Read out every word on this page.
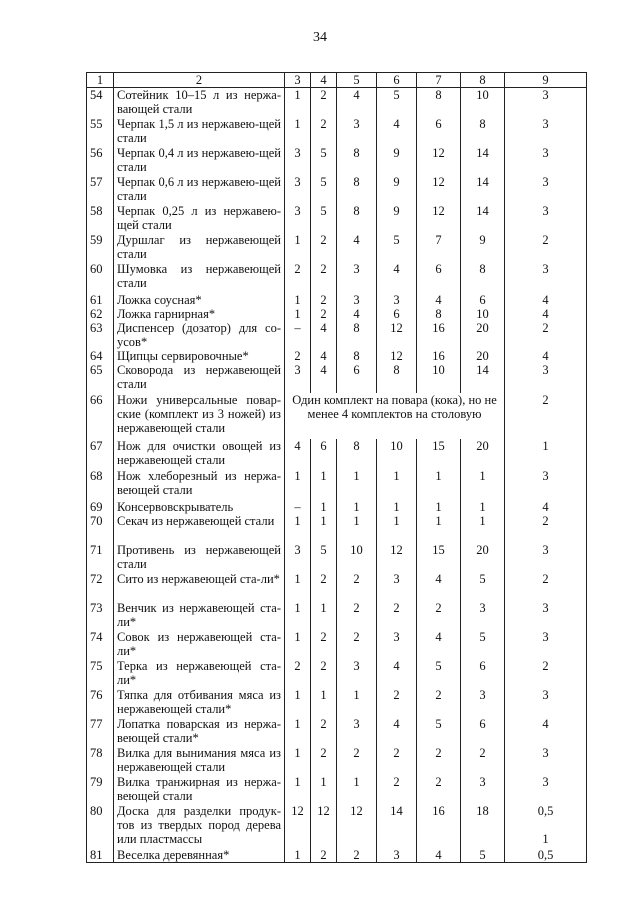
34
1	2	3	4	5	6	7	8	9
54	Сотейник 10–15 л из нержа-вающей стали	1	2	4	5	8	10	3
55	Черпак 1,5 л из нержавею-щей стали	1	2	3	4	6	8	3
56	Черпак 0,4 л из нержавею-щей стали	3	5	8	9	12	14	3
57	Черпак 0,6 л из нержавею-щей стали	3	5	8	9	12	14	3
58	Черпак 0,25 л из нержавею-щей стали	3	5	8	9	12	14	3
59	Дуршлаг из нержавеющей стали	1	2	4	5	7	9	2
60	Шумовка из нержавеющей стали	2	2	3	4	6	8	3
61	Ложка соусная*	1	2	3	3	4	6	4
62	Ложка гарнирная*	1	2	4	6	8	10	4
63	Диспенсер (дозатор) для со-усов*	–	4	8	12	16	20	2
64	Щипцы сервировочные*	2	4	8	12	16	20	4
65	Сковорода из нержавеющей стали	3	4	6	8	10	14	3
66	Ножи универсальные повар-ские (комплект из 3 ножей) из нержавеющей стали	Один комплект на повара (кока), но не менее 4 комплектов на столовую						2
67	Нож для очистки овощей из нержавеющей стали	4	6	8	10	15	20	1
68	Нож хлеборезный из нержа-веющей стали	1	1	1	1	1	1	3
69	Консервовскрыватель	–	1	1	1	1	1	4
70	Секач из нержавеющей стали	1	1	1	1	1	1	2
71	Противень из нержавеющей стали	3	5	10	12	15	20	3
72	Сито из нержавеющей ста-ли*	1	2	2	3	4	5	2
73	Венчик из нержавеющей ста-ли*	1	1	2	2	2	3	3
74	Совок из нержавеющей ста-ли*	1	2	2	3	4	5	3
75	Терка из нержавеющей ста-ли*	2	2	3	4	5	6	2
76	Тяпка для отбивания мяса из нержавеющей стали*	1	1	1	2	2	3	3
77	Лопатка поварская из нержа-веющей стали*	1	2	3	4	5	6	4
78	Вилка для вынимания мяса из нержавеющей стали	1	2	2	2	2	2	3
79	Вилка транжирная из нержа-веющей стали	1	1	1	2	2	3	3
80	Доска для разделки продук-тов из твердых пород дерева или пластмассы	12	12	12	14	16	18	0,5

1
81	Веселка деревянная*	1	2	2	3	4	5	0,5
